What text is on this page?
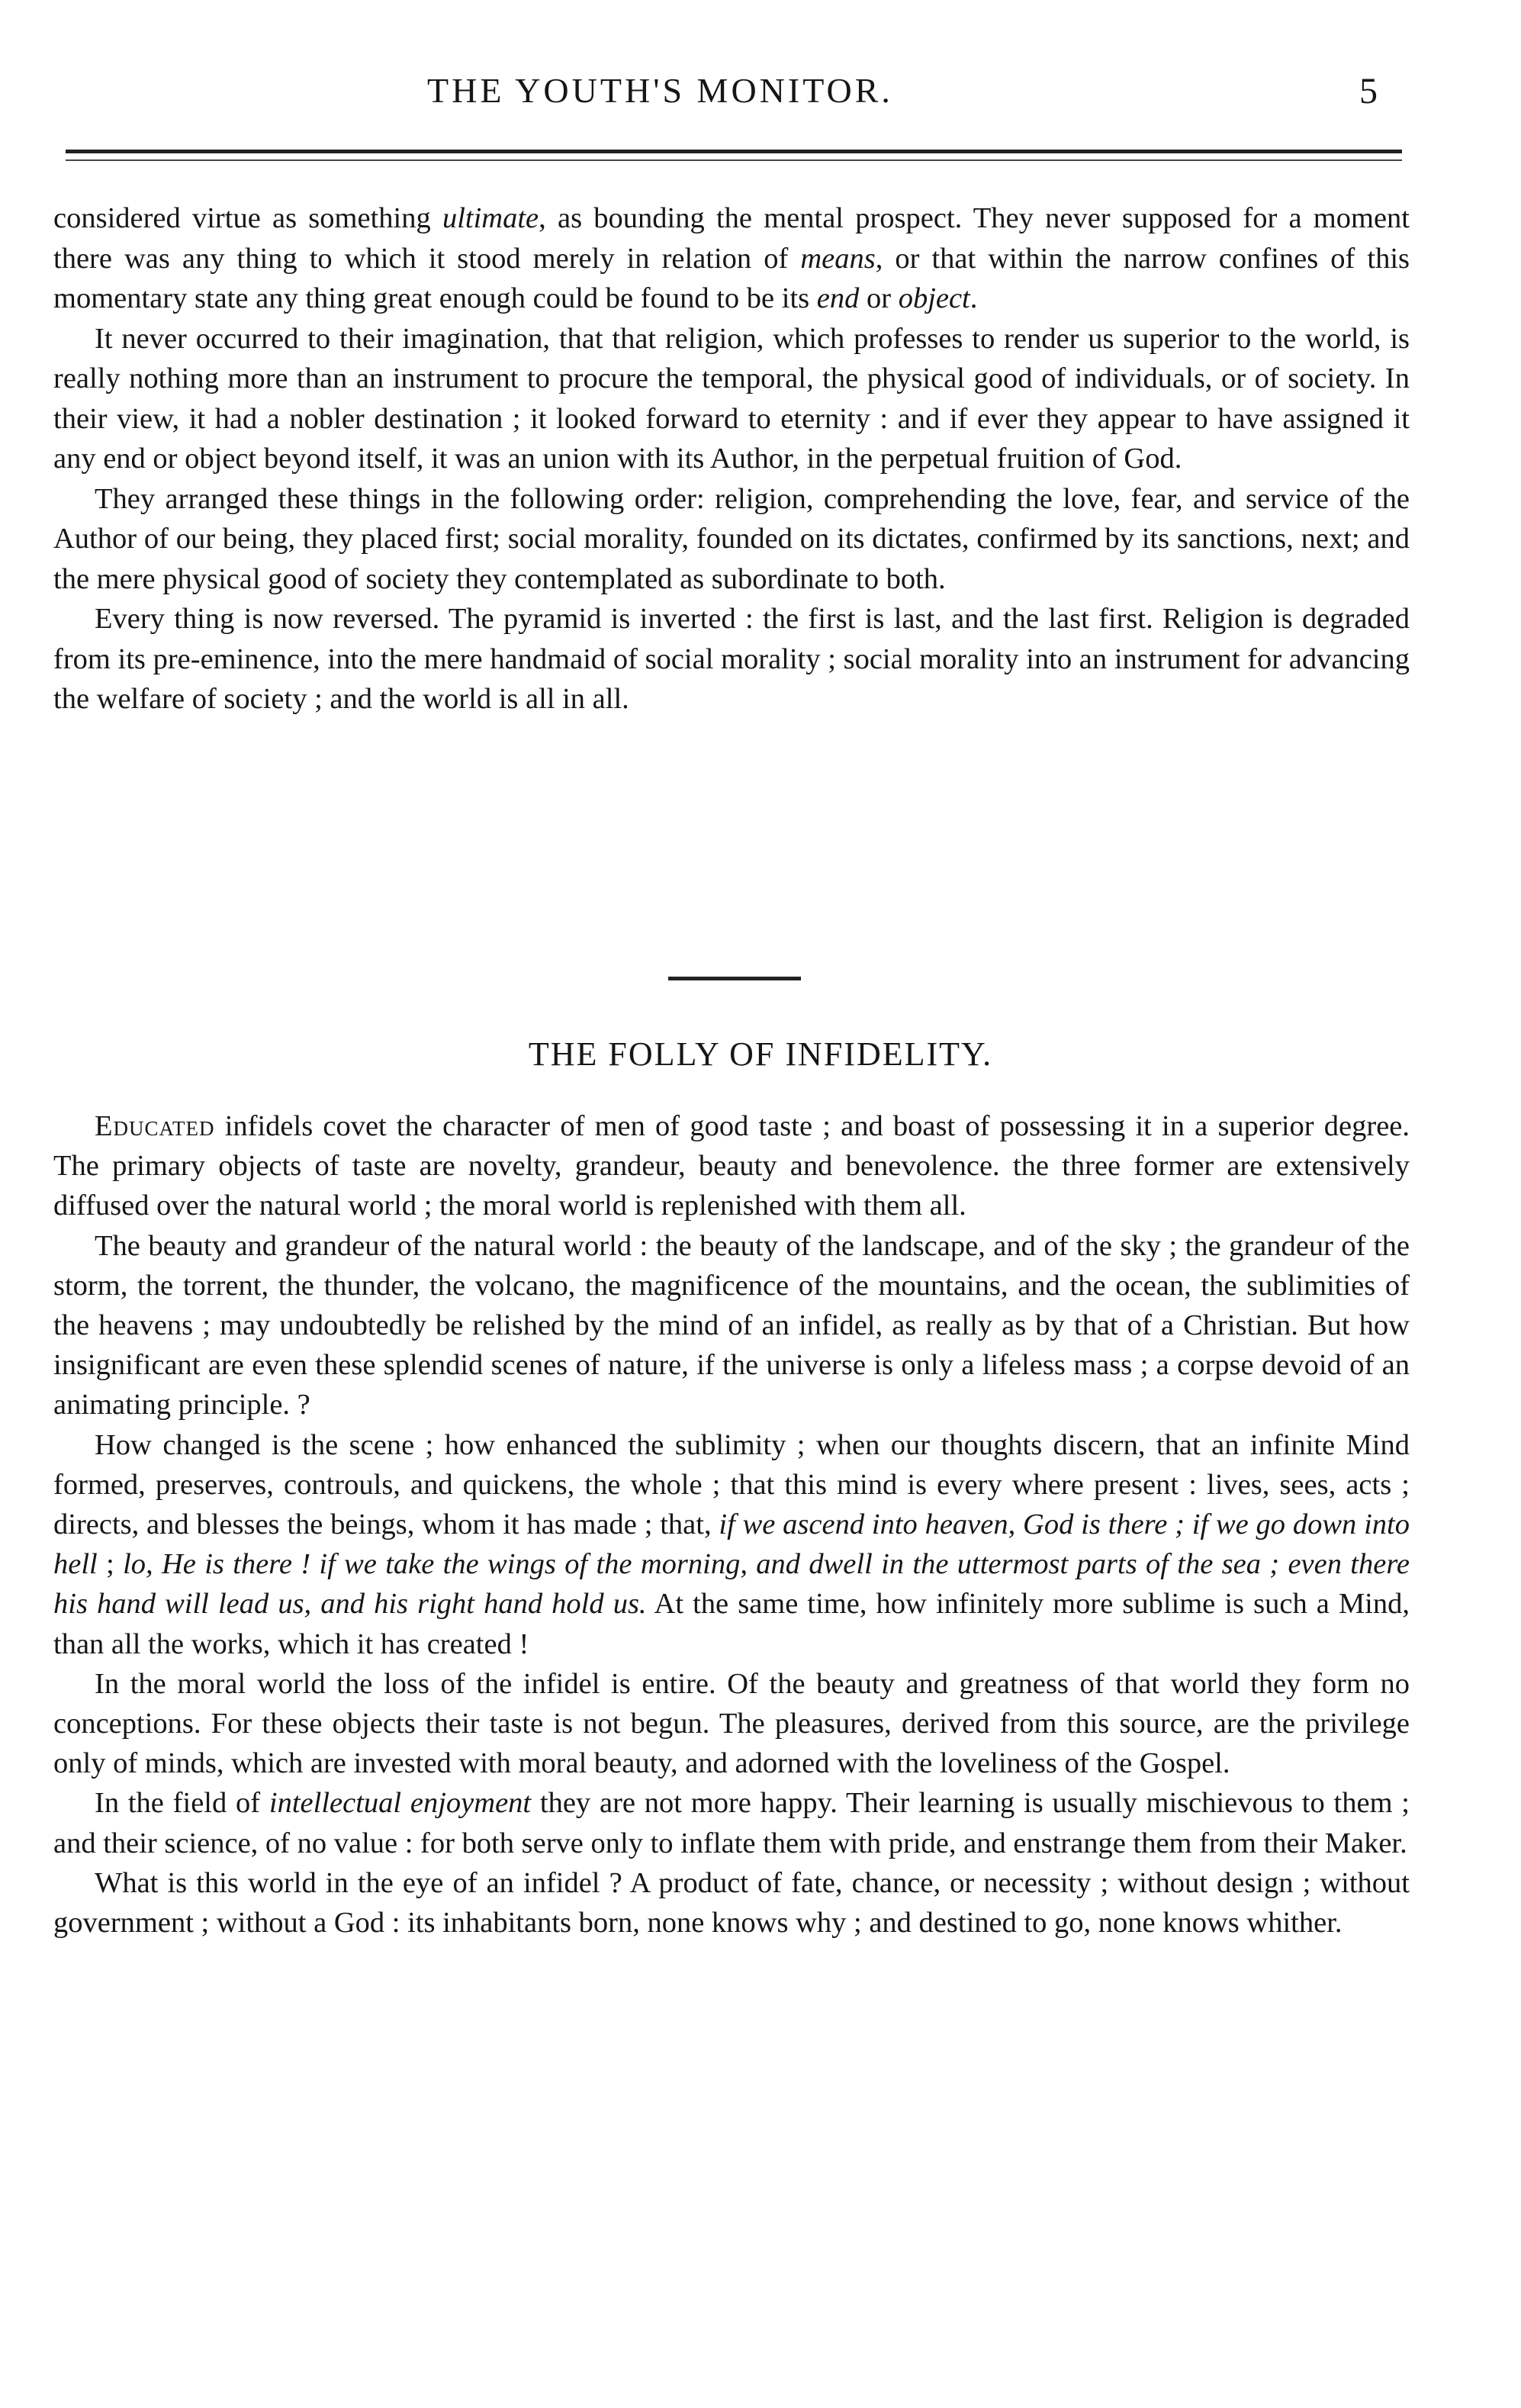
THE YOUTH'S MONITOR.	5

considered virtue as something ultimate, as bounding the mental prospect. They never supposed for a moment there was any thing to which it stood merely in relation of means, or that within the narrow confines of this momentary state any thing great enough could be found to be its end or object.

It never occurred to their imagination, that that religion, which professes to render us superior to the world, is really nothing more than an instrument to procure the temporal, the physical good of individuals, or of society. In their view, it had a nobler destination ; it looked forward to eternity : and if ever they appear to have assigned it any end or object beyond itself, it was an union with its Author, in the perpetual fruition of God.

They arranged these things in the following order: religion, comprehending the love, fear, and service of the Author of our being, they placed first; social morality, founded on its dictates, confirmed by its sanctions, next; and the mere physical good of society they contemplated as subordinate to both.

Every thing is now reversed. The pyramid is inverted : the first is last, and the last first. Religion is degraded from its pre-eminence, into the mere handmaid of social morality ; social morality into an instrument for advancing the welfare of society ; and the world is all in all.

THE FOLLY OF INFIDELITY.

Educated infidels covet the character of men of good taste ; and boast of possessing it in a superior degree. The primary objects of taste are novelty, grandeur, beauty and benevolence. the three former are extensively diffused over the natural world ; the moral world is replenished with them all.

The beauty and grandeur of the natural world : the beauty of the landscape, and of the sky ; the grandeur of the storm, the torrent, the thunder, the volcano, the magnificence of the mountains, and the ocean, the sublimities of the heavens ; may undoubtedly be relished by the mind of an infidel, as really as by that of a Christian. But how insignificant are even these splendid scenes of nature, if the universe is only a lifeless mass ; a corpse devoid of an animating principle. ?

How changed is the scene ; how enhanced the sublimity ; when our thoughts discern, that an infinite Mind formed, preserves, controuls, and quickens, the whole ; that this mind is every where present : lives, sees, acts ; directs, and blesses the beings, whom it has made ; that, if we ascend into heaven, God is there ; if we go down into hell ; lo, He is there ! if we take the wings of the morning, and dwell in the uttermost parts of the sea ; even there his hand will lead us, and his right hand hold us. At the same time, how infinitely more sublime is such a Mind, than all the works, which it has created !

In the moral world the loss of the infidel is entire. Of the beauty and greatness of that world they form no conceptions. For these objects their taste is not begun. The pleasures, derived from this source, are the privilege only of minds, which are invested with moral beauty, and adorned with the loveliness of the Gospel.

In the field of intellectual enjoyment they are not more happy. Their learning is usually mischievous to them ; and their science, of no value : for both serve only to inflate them with pride, and enstrange them from their Maker.

What is this world in the eye of an infidel ? A product of fate, chance, or necessity ; without design ; without government ; without a God : its inhabitants born, none knows why ; and destined to go, none knows whither.
